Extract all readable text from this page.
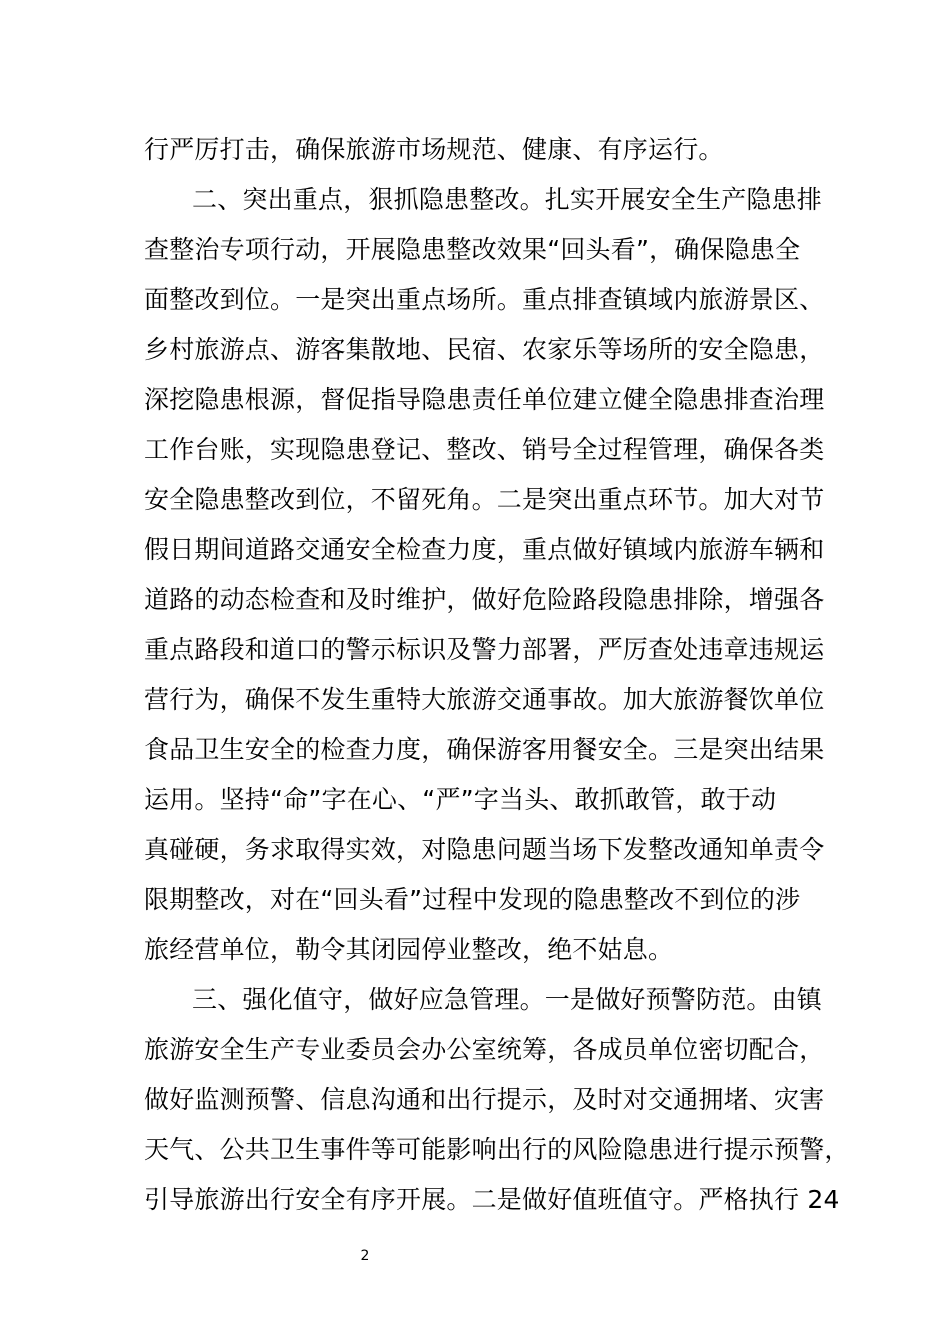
行严厉打击，确保旅游市场规范、健康、有序运行。
二、突出重点，狠抓隐患整改。扎实开展安全生产隐患排
查整治专项行动，开展隐患整改效果“回头看”，确保隐患全
面整改到位。一是突出重点场所。重点排查镇域内旅游景区、
乡村旅游点、游客集散地、民宿、农家乐等场所的安全隐患，
深挖隐患根源，督促指导隐患责任单位建立健全隐患排查治理
工作台账，实现隐患登记、整改、销号全过程管理，确保各类
安全隐患整改到位，不留死角。二是突出重点环节。加大对节
假日期间道路交通安全检查力度，重点做好镇域内旅游车辆和
道路的动态检查和及时维护，做好危险路段隐患排除，增强各
重点路段和道口的警示标识及警力部署，严厉查处违章违规运
营行为，确保不发生重特大旅游交通事故。加大旅游餐饮单位
食品卫生安全的检查力度，确保游客用餐安全。三是突出结果
运用。坚持“命”字在心、“严”字当头、敢抓敢管，敢于动
真碰硬，务求取得实效，对隐患问题当场下发整改通知单责令
限期整改，对在“回头看”过程中发现的隐患整改不到位的涉
旅经营单位，勒令其闭园停业整改，绝不姑息。
三、强化值守，做好应急管理。一是做好预警防范。由镇
旅游安全生产专业委员会办公室统筹，各成员单位密切配合，
做好监测预警、信息沟通和出行提示，及时对交通拥堵、灾害
天气、公共卫生事件等可能影响出行的风险隐患进行提示预警，
引导旅游出行安全有序开展。二是做好值班值守。严格执行 24
2
